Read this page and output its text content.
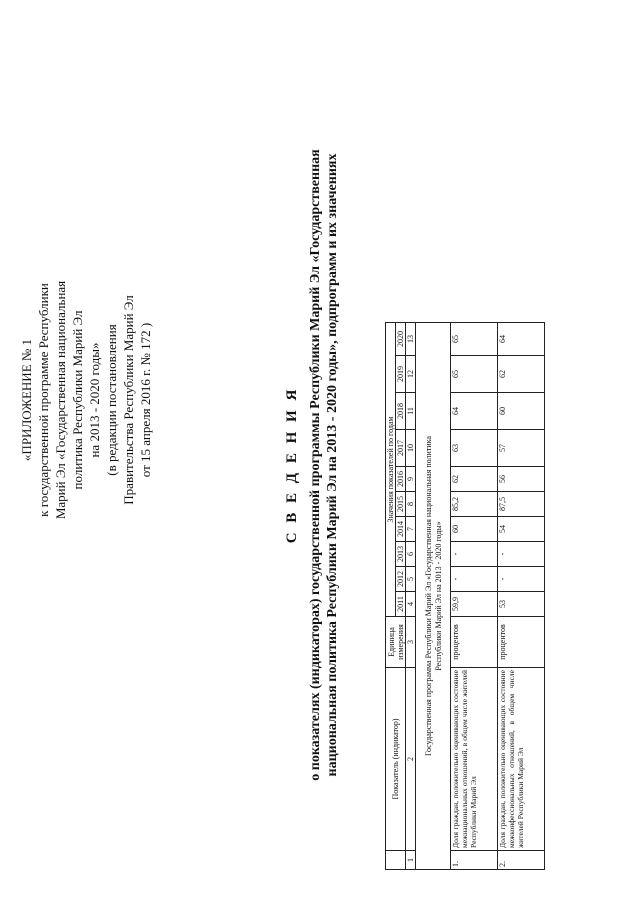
«ПРИЛОЖЕНИЕ № 1 к государственной программе Республики Марий Эл «Государственная национальная политика Республики Марий Эл на 2013 - 2020 годы» (в редакции постановления Правительства Республики Марий Эл от 15 апреля 2016 г. № 172 )	С В Е Д Е Н И Я о показателях (индикаторах) государственной программы Республики Марий Эл «Государственная национальная политика Республики Марий Эл на 2013 - 2020 годы», подпрограмм и их значениях
		Показатель (индикатор)	Единица измерения	Значения показателей по годам									
			2011	2012	2013	2014	2015	2016	2017	2018	2019	2020
1	2	3	4	5	6	7	8	9	10	11	12	13

Государственная программа Республики Марий Эл «Государственная национальная политика Республики Марий Эл на 2013 - 2020 годы»												

1.	Доля граждан, положительно оценивающих состояние межнациональных отношений, в общем числе жителей Республики Марий Эл	процентов	59,9	-	-	60	85,2	62	63	64	65	65
2.	Доля граждан, положительно оценивающих состояние межконфессиональных отношений, в общем числе жителей Республики Марий Эл	процентов	53	-	-	54	87,5	56	57	60	62	64
